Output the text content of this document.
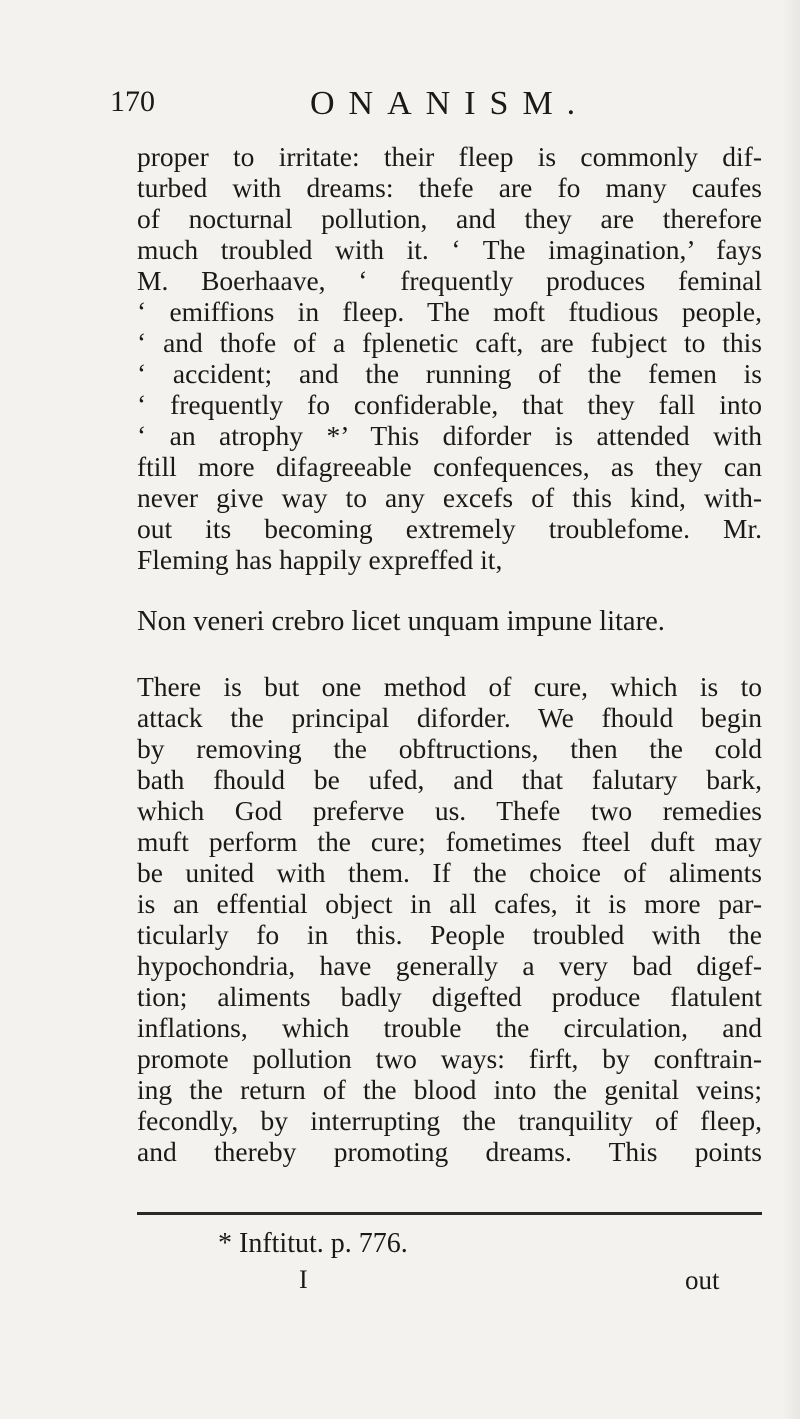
170	ONANISM.
proper to irritate: their fleep is commonly dif-
turbed with dreams: thefe are fo many caufes
of nocturnal pollution, and they are therefore
much troubled with it. ‘ The imagination,’ fays
M. Boerhaave, ‘ frequently produces feminal
‘ emiffions in fleep. The moft ftudious people,
‘ and thofe of a fplenetic caft, are fubject to this
‘ accident; and the running of the femen is
‘ frequently fo confiderable, that they fall into
‘ an atrophy *’ This diforder is attended with
ftill more difagreeable confequences, as they can
never give way to any excefs of this kind, with-
out its becoming extremely troublefome. Mr.
Fleming has happily expreffed it,
Non veneri crebro licet unquam impune litare.
There is but one method of cure, which is to
attack the principal diforder. We fhould begin
by removing the obftructions, then the cold
bath fhould be ufed, and that falutary bark,
which God preferve us. Thefe two remedies
muft perform the cure; fometimes fteel duft may
be united with them. If the choice of aliments
is an effential object in all cafes, it is more par-
ticularly fo in this. People troubled with the
hypochondria, have generally a very bad digef-
tion; aliments badly digefted produce flatulent
inflations, which trouble the circulation, and
promote pollution two ways: firft, by conftrain-
ing the return of the blood into the genital veins;
fecondly, by interrupting the tranquility of fleep,
and thereby promoting dreams. This points
* Inftitut. p. 776.
I	out
